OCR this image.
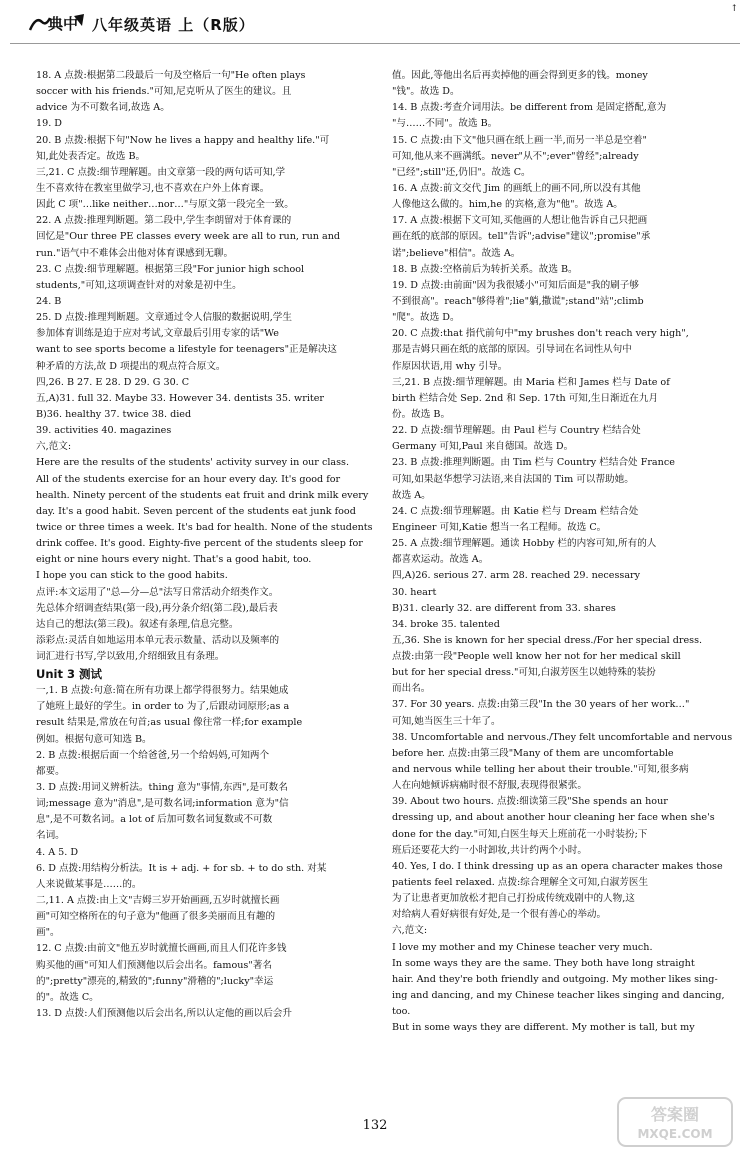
典中 八年级英语 上（R版）
↑
18. A 点拨:根据第二段最后一句及空格后一句"He often plays
soccer with his friends."可知,尼克听从了医生的建议。且
advice 为不可数名词,故选 A。
19. D
20. B 点拨:根据下句"Now he lives a happy and healthy life."可
知,此处表否定。故选 B。
三,21. C 点拨:细节理解题。由文章第一段的两句话可知,学
生不喜欢待在教室里做学习,也不喜欢在户外上体育课。
因此 C 项"…like neither…nor…"与原文第一段完全一致。
22. A 点拨:推理判断题。第二段中,学生李朗留对于体育课的
回忆是"Our three PE classes every week are all to run, run and
run."语气中不难体会出他对体育课感到无聊。
23. C 点拨:细节理解题。根据第三段"For junior high school
students,"可知,这项调查针对的对象是初中生。
24. B
25. D 点拨:推理判断题。文章通过令人信服的数据说明,学生
参加体育训练是迫于应对考试,文章最后引用专家的话"We
want to see sports become a lifestyle for teenagers"正是解决这
种矛盾的方法,故 D 项提出的观点符合原文。
四,26. B 27. E 28. D 29. G 30. C
五,A)31. full 32. Maybe 33. However 34. dentists 35. writer
B)36. healthy 37. twice 38. died
39. activities 40. magazines
六,范文:
Here are the results of the students' activity survey in our class.
All of the students exercise for an hour every day. It's good for
health. Ninety percent of the students eat fruit and drink milk every
day. It's a good habit. Seven percent of the students eat junk food
twice or three times a week. It's bad for health. None of the students
drink coffee. It's good. Eighty-five percent of the students sleep for
eight or nine hours every night. That's a good habit, too.
I hope you can stick to the good habits.
点评:本文运用了"总—分—总"法写日常活动介绍类作文。
先总体介绍调查结果(第一段),再分条介绍(第二段),最后表
达自己的想法(第三段)。叙述有条理,信息完整。
添彩点:灵活自如地运用本单元表示数量、活动以及频率的
词汇进行书写,学以致用,介绍细致且有条理。
Unit 3 测试
一,1. B 点拨:句意:简在所有功课上都学得很努力。结果她成
了她班上最好的学生。in order to 为了,后跟动词原形;as a
result 结果是,常放在句首;as usual 像往常一样;for example
例如。根据句意可知选 B。
2. B 点拨:根据后面一个给爸爸,另一个给妈妈,可知两个
都要。
3. D 点拨:用词义辨析法。thing 意为"事情,东西",是可数名
词;message 意为"消息",是可数名词;information 意为"信
息",是不可数名词。a lot of 后加可数名词复数或不可数
名词。
4. A 5. D
6. D 点拨:用结构分析法。It is + adj. + for sb. + to do sth. 对某
人来说做某事是……的。
二,11. A 点拨:由上文"吉姆三岁开始画画,五岁时就擅长画
画"可知空格所在的句子意为"他画了很多美丽而且有趣的
画"。
12. C 点拨:由前文"他五岁时就擅长画画,而且人们花许多钱
购买他的画"可知人们预测他以后会出名。famous"著名
的";pretty"漂亮的,精致的";funny"滑稽的";lucky"幸运
的"。故选 C。
13. D 点拨:人们预测他以后会出名,所以认定他的画以后会升
值。因此,等他出名后再卖掉他的画会得到更多的钱。money
"钱"。故选 D。
14. B 点拨:考查介词用法。be different from 是固定搭配,意为
"与……不同"。故选 B。
15. C 点拨:由下文"他只画在纸上画一半,而另一半总是空着"
可知,他从来不画满纸。never"从不";ever"曾经";already
"已经";still"还,仍旧"。故选 C。
16. A 点拨:前文交代 Jim 的画纸上的画不同,所以没有其他
人像他这么做的。him,he 的宾格,意为"他"。故选 A。
17. A 点拨:根据下文可知,买他画的人想让他告诉自己只把画
画在纸的底部的原因。tell"告诉";advise"建议";promise"承
诺";believe"相信"。故选 A。
18. B 点拨:空格前后为转折关系。故选 B。
19. D 点拨:由前面"因为我很矮小"可知后面是"我的刷子够
不到很高"。reach"够得着";lie"躺,撒谎";stand"站";climb
"爬"。故选 D。
20. C 点拨:that 指代前句中"my brushes don't reach very high",
那是吉姆只画在纸的底部的原因。引导词在名词性从句中
作原因状语,用 why 引导。
三,21. B 点拨:细节理解题。由 Maria 栏和 James 栏与 Date of
birth 栏结合处 Sep. 2nd 和 Sep. 17th 可知,生日渐近在九月
份。故选 B。
22. D 点拨:细节理解题。由 Paul 栏与 Country 栏结合处
Germany 可知,Paul 来自德国。故选 D。
23. B 点拨:推理判断题。由 Tim 栏与 Country 栏结合处 France
可知,如果赵华想学习法语,来自法国的 Tim 可以帮助她。
故选 A。
24. C 点拨:细节理解题。由 Katie 栏与 Dream 栏结合处
Engineer 可知,Katie 想当一名工程师。故选 C。
25. A 点拨:细节理解题。通读 Hobby 栏的内容可知,所有的人
都喜欢运动。故选 A。
四,A)26. serious 27. arm 28. reached 29. necessary
30. heart
B)31. clearly 32. are different from 33. shares
34. broke 35. talented
五,36. She is known for her special dress./For her special dress.
点拨:由第一段"People well know her not for her medical skill
but for her special dress."可知,白淑芳医生以她特殊的装扮
而出名。
37. For 30 years. 点拨:由第三段"In the 30 years of her work…"
可知,她当医生三十年了。
38. Uncomfortable and nervous./They felt uncomfortable and nervous
before her. 点拨:由第三段"Many of them are uncomfortable
and nervous while telling her about their trouble."可知,很多病
人在向她倾诉病痛时很不舒服,表现得很紧张。
39. About two hours. 点拨:细读第三段"She spends an hour
dressing up, and about another hour cleaning her face when she's
done for the day."可知,白医生每天上班前花一小时装扮;下
班后还要花大约一小时卸妆,共计约两个小时。
40. Yes, I do. I think dressing up as an opera character makes those
patients feel relaxed. 点拨:综合理解全文可知,白淑芳医生
为了让患者更加放松才把自己打扮成传统戏剧中的人物,这
对给病人看好病很有好处,是一个很有善心的举动。
六,范文:
I love my mother and my Chinese teacher very much.
In some ways they are the same. They both have long straight
hair. And they're both friendly and outgoing. My mother likes sing-
ing and dancing, and my Chinese teacher likes singing and dancing,
too.
But in some ways they are different. My mother is tall, but my
132
答案圈
MXQE.COM
